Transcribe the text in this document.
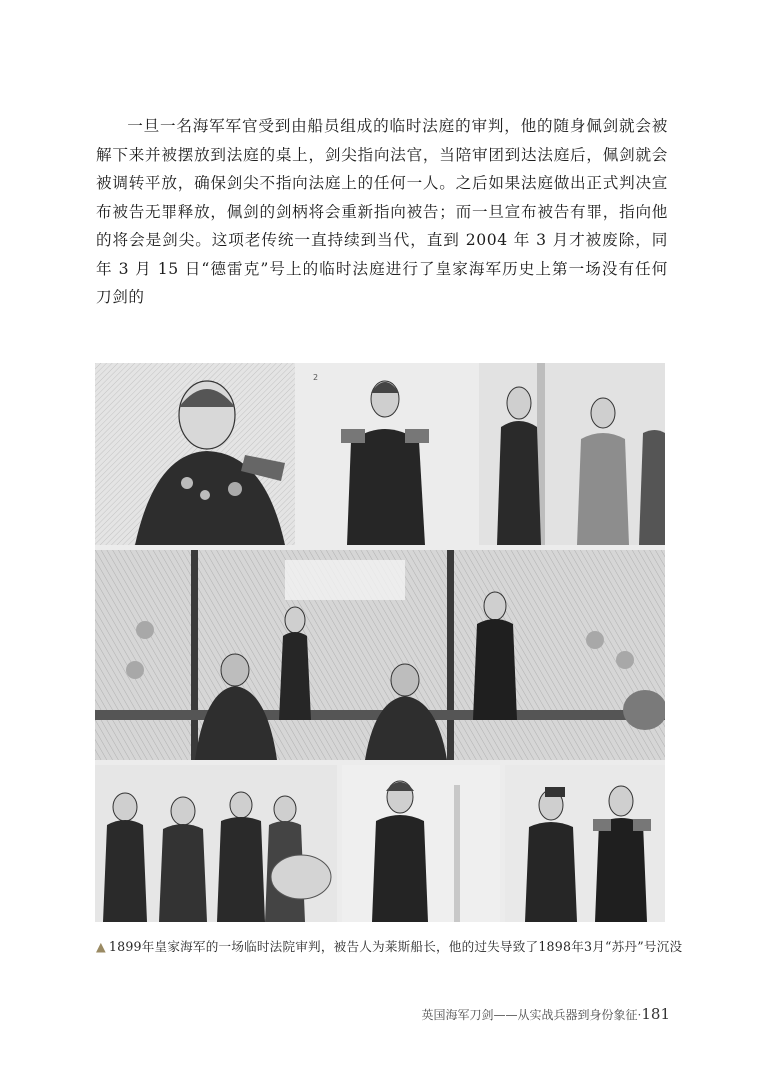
一旦一名海军军官受到由船员组成的临时法庭的审判，他的随身佩剑就会被解下来并被摆放到法庭的桌上，剑尖指向法官，当陪审团到达法庭后，佩剑就会被调转平放，确保剑尖不指向法庭上的任何一人。之后如果法庭做出正式判决宣布被告无罪释放，佩剑的剑柄将会重新指向被告；而一旦宣布被告有罪，指向他的将会是剑尖。这项老传统一直持续到当代，直到 2004 年 3 月才被废除，同年 3 月 15 日“德雷克”号上的临时法庭进行了皇家海军历史上第一场没有任何刀剑的

2
▲ 1899年皇家海军的一场临时法院审判，被告人为莱斯船长，他的过失导致了1898年3月“苏丹”号沉没
英国海军刀剑——从实战兵器到身份象征·181
